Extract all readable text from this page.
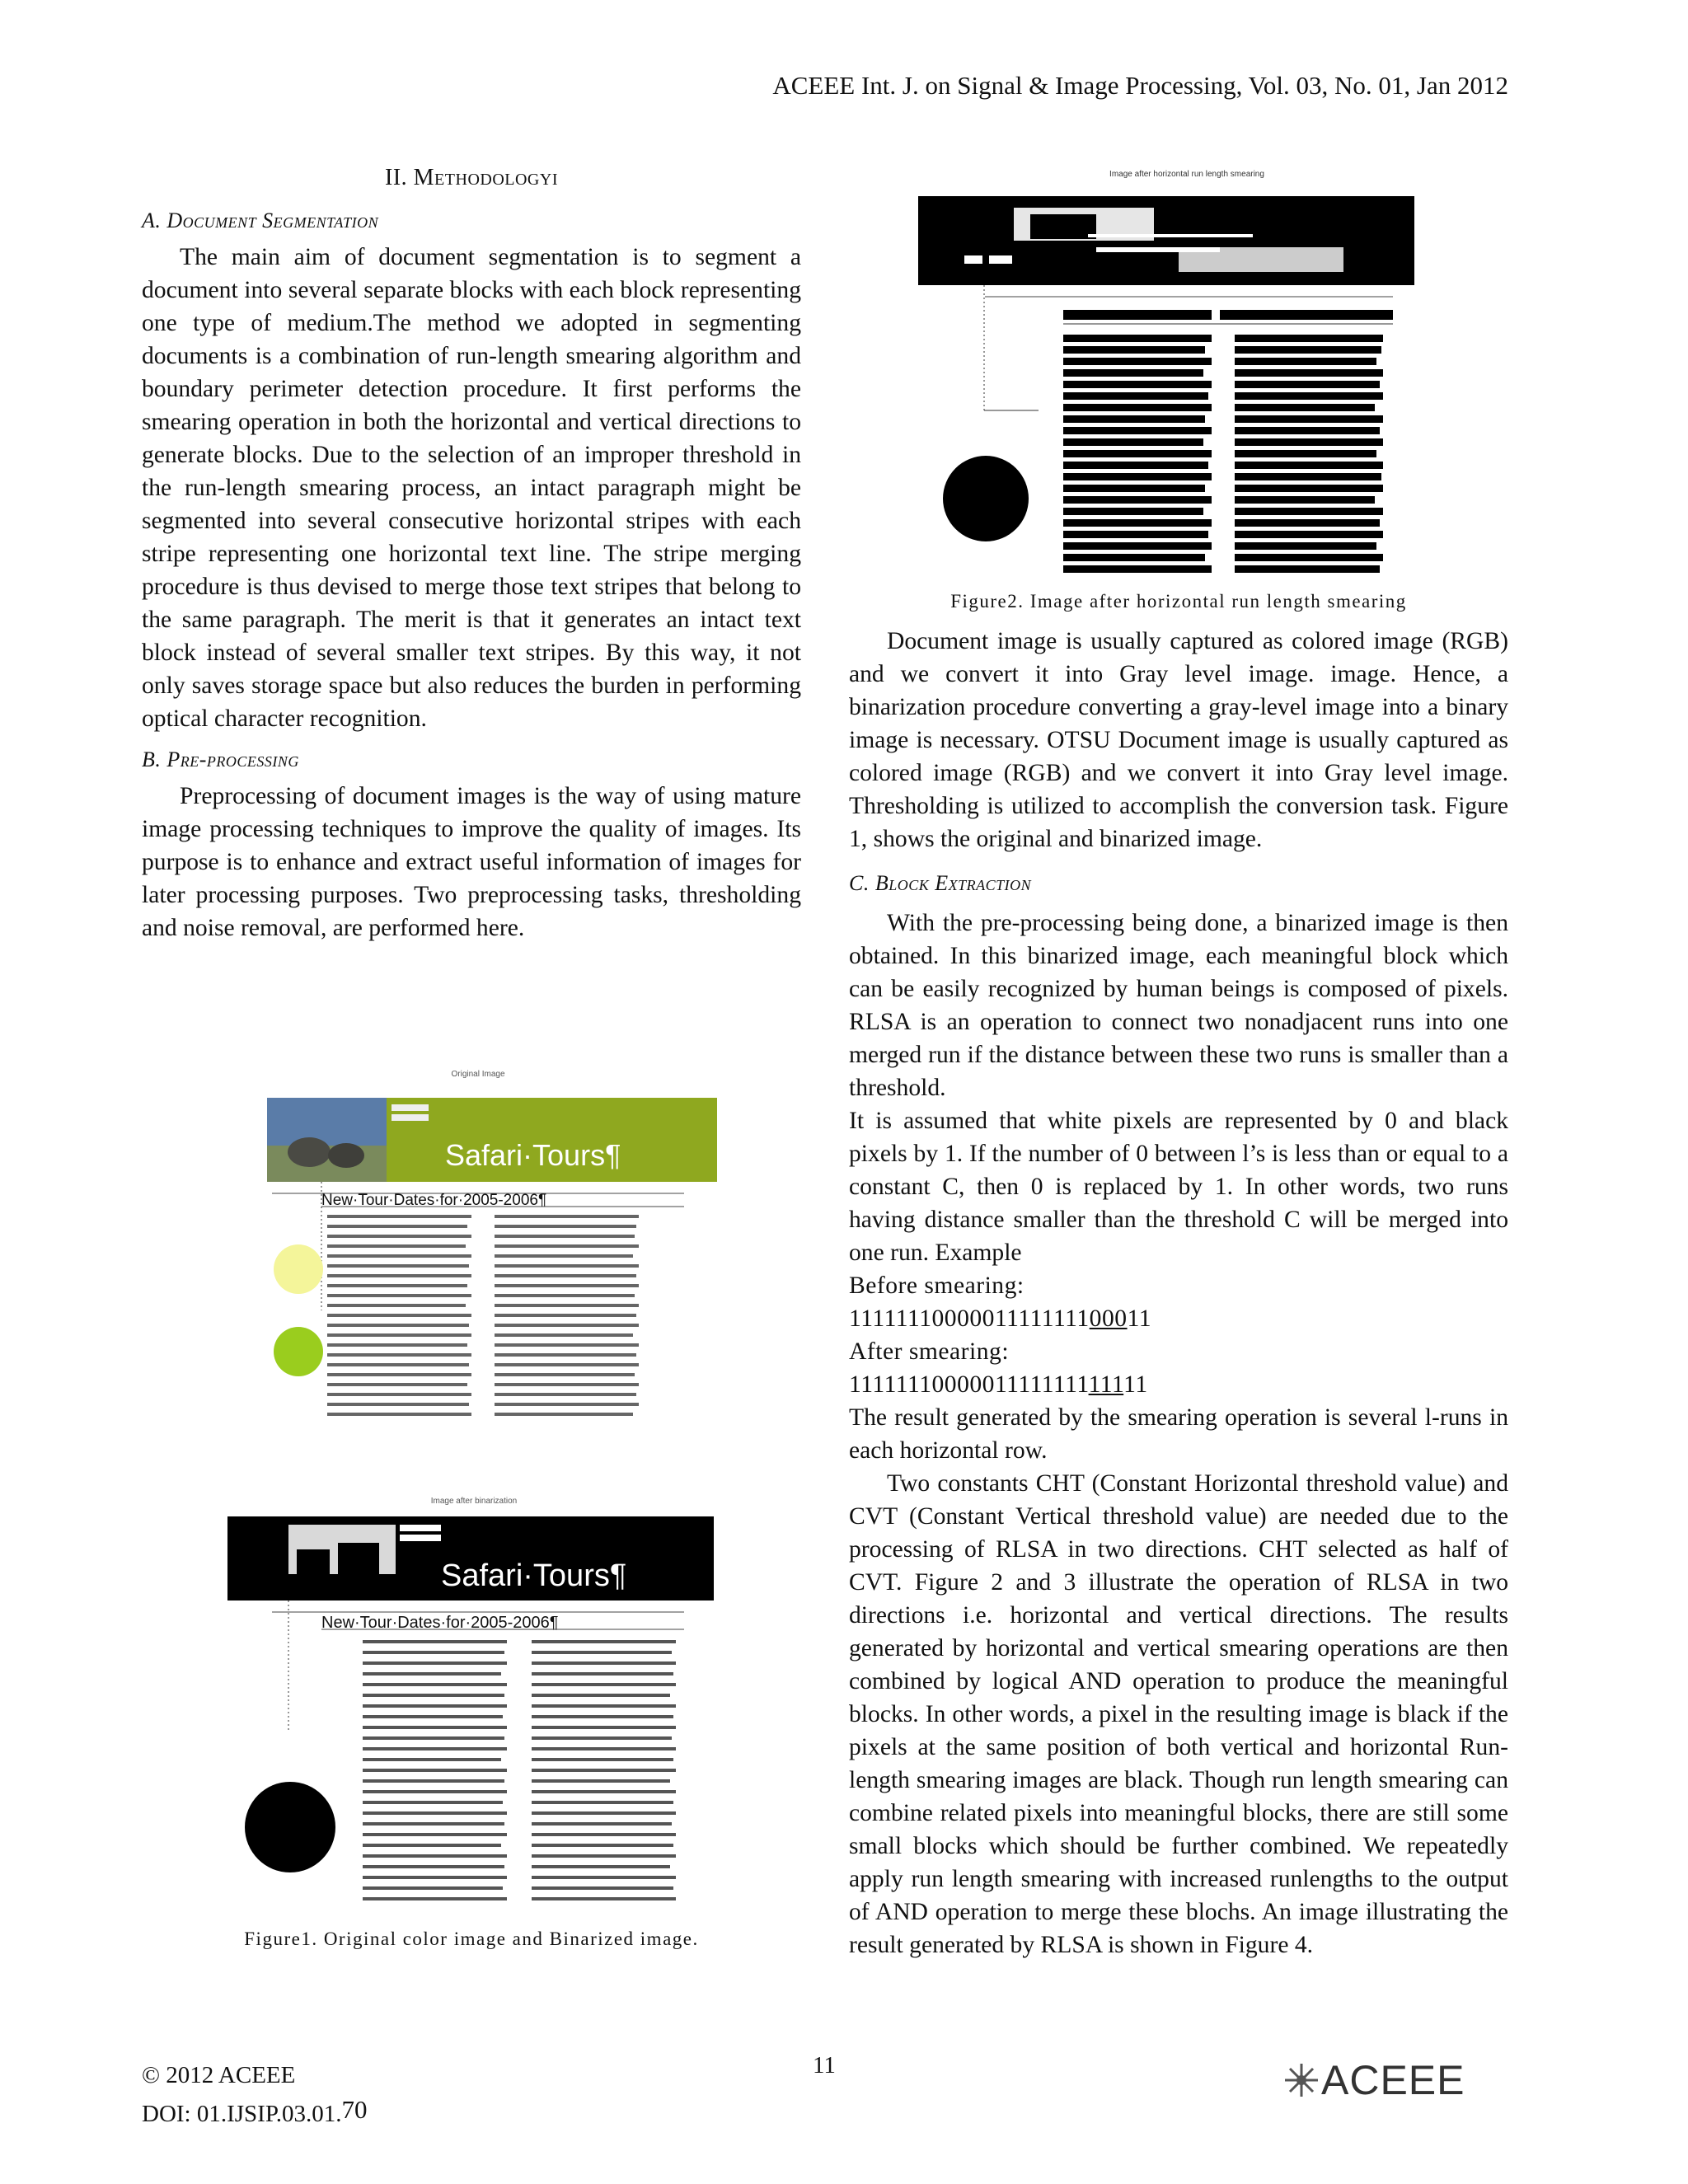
ACEEE Int. J. on Signal & Image Processing, Vol. 03, No. 01, Jan 2012

II. Methodologyi

A. Document Segmentation

The main aim of document segmentation is to segment a document into several separate blocks with each block representing one type of medium.The method we adopted in segmenting documents is a combination of run-length smearing algorithm and boundary perimeter detection procedure. It first performs the smearing operation in both the horizontal and vertical directions to generate blocks. Due to the selection of an improper threshold in the run-length smearing process, an intact paragraph might be segmented into several consecutive horizontal stripes with each stripe representing one horizontal text line. The stripe merging procedure is thus devised to merge those text stripes that belong to the same paragraph. The merit is that it generates an intact text block instead of several smaller text stripes. By this way, it not only saves storage space but also reduces the burden in performing optical character recognition.

B. Pre-processing

Preprocessing of document images is the way of using mature image processing techniques to improve the quality of images. Its purpose is to enhance and extract useful information of images for later processing purposes. Two preprocessing tasks, thresholding and noise removal, are performed here.

Original Image
Safari·Tours¶
New·Tour·Dates·for·2005-2006¶
Image after binarization
Safari·Tours¶
New·Tour·Dates·for·2005-2006¶
Figure1. Original color image and Binarized image.
Image after horizontal run length smearing
Figure2. Image after horizontal run length smearing

Document image is usually captured as colored image (RGB) and we convert it into Gray level image. image. Hence, a binarization procedure converting a gray-level image into a binary image is necessary. OTSU Document image is usually captured as colored image (RGB) and we convert it into Gray level image. Thresholding is utilized to accomplish the conversion task. Figure 1, shows the original and binarized image.

C. Block Extraction

With the pre-processing being done, a binarized image is then obtained. In this binarized image, each meaningful block which can be easily recognized by human beings is composed of pixels. RLSA is an operation to connect two nonadjacent runs into one merged run if the distance between these two runs is smaller than a threshold.

It is assumed that white pixels are represented by 0 and black pixels by 1. If the number of 0 between l’s is less than or equal to a constant C, then 0 is replaced by 1. In other words, two runs having distance smaller than the threshold C will be merged into one run. Example

Before smearing:

1111111000001111111100011

After smearing:

1111111000001111111111111

The result generated by the smearing operation is several l-runs in each horizontal row.

Two constants CHT (Constant Horizontal threshold value) and CVT (Constant Vertical threshold value) are needed due to the processing of RLSA in two directions. CHT selected as half of CVT. Figure 2 and 3 illustrate the operation of RLSA in two directions i.e. horizontal and vertical directions. The results generated by horizontal and vertical smearing operations are then combined by logical AND operation to produce the meaningful blocks. In other words, a pixel in the resulting image is black if the pixels at the same position of both vertical and horizontal Run-length smearing images are black. Though run length smearing can combine related pixels into meaningful blocks, there are still some small blocks which should be further combined. We repeatedly apply run length smearing with increased runlengths to the output of AND operation to merge these blochs. An image illustrating the result generated by RLSA is shown in Figure 4.

© 2012 ACEEE
DOI: 01.IJSIP.03.01.70
11	ACEEE
